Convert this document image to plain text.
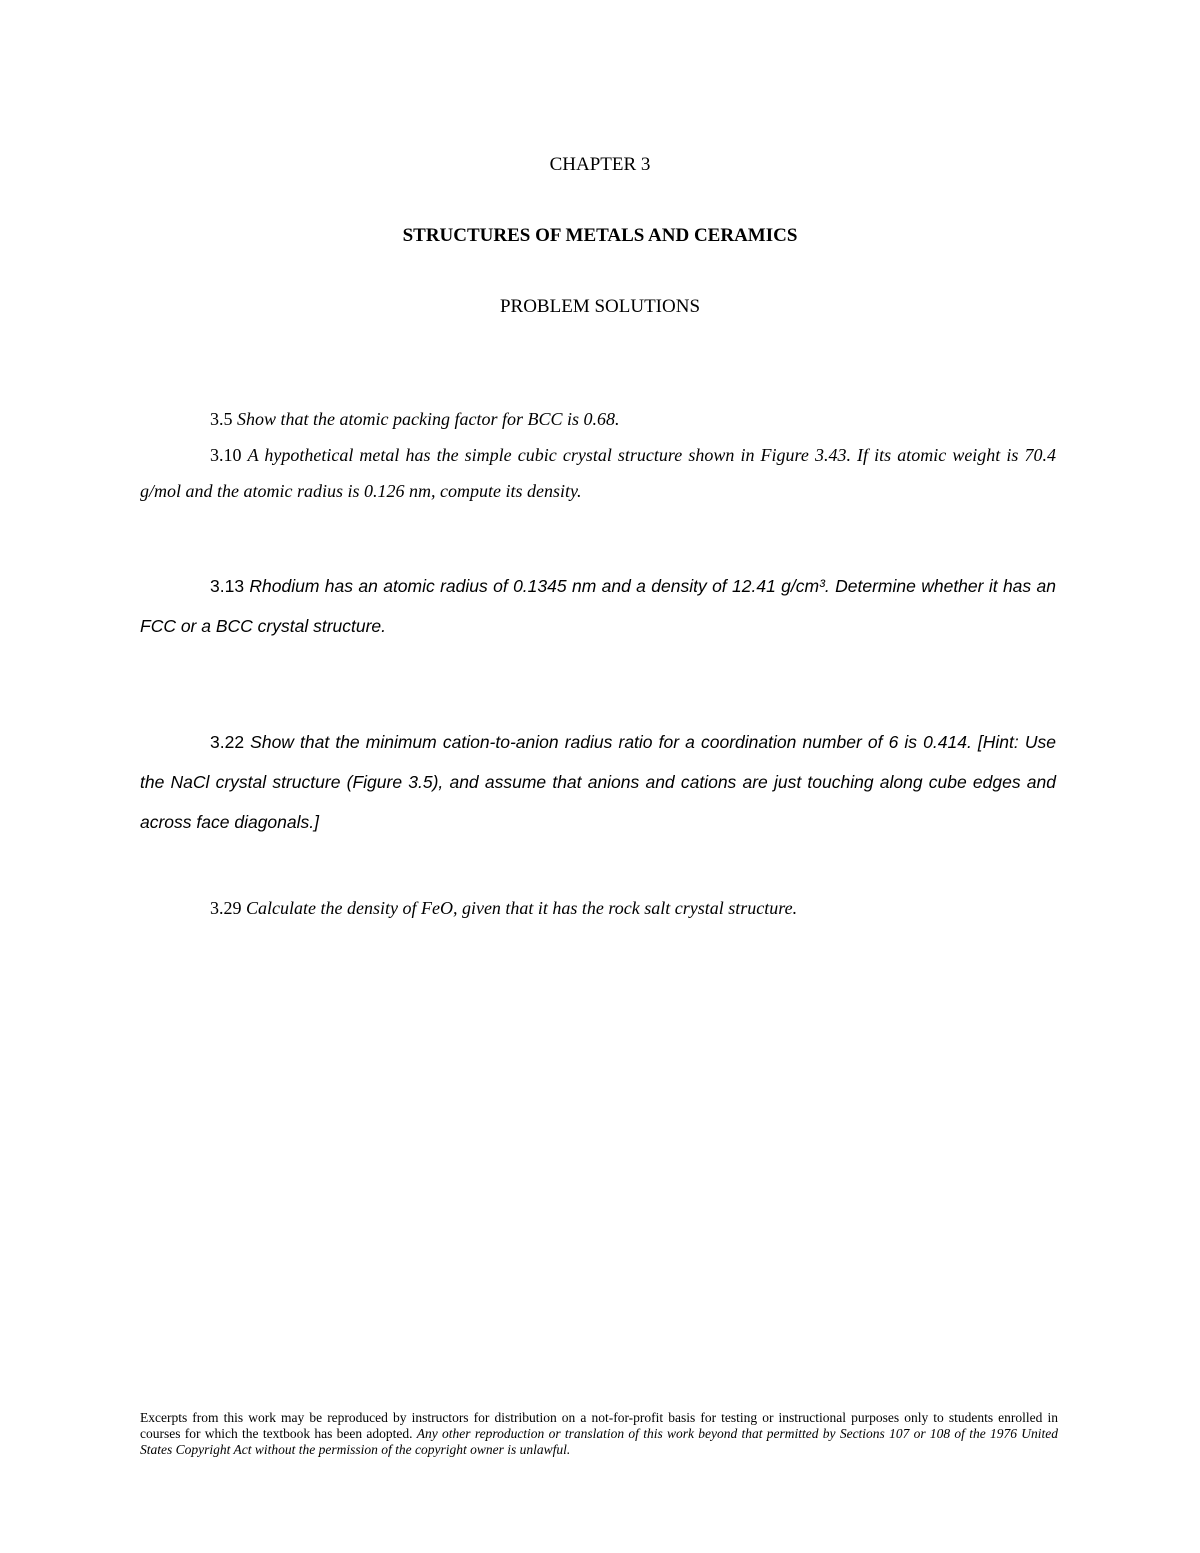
CHAPTER 3
STRUCTURES OF METALS AND CERAMICS
PROBLEM SOLUTIONS
3.5 Show that the atomic packing factor for BCC is 0.68.
3.10 A hypothetical metal has the simple cubic crystal structure shown in Figure 3.43. If its atomic weight is 70.4 g/mol and the atomic radius is 0.126 nm, compute its density.
3.13 Rhodium has an atomic radius of 0.1345 nm and a density of 12.41 g/cm³. Determine whether it has an FCC or a BCC crystal structure.
3.22 Show that the minimum cation-to-anion radius ratio for a coordination number of 6 is 0.414. [Hint: Use the NaCl crystal structure (Figure 3.5), and assume that anions and cations are just touching along cube edges and across face diagonals.]
3.29 Calculate the density of FeO, given that it has the rock salt crystal structure.
Excerpts from this work may be reproduced by instructors for distribution on a not-for-profit basis for testing or instructional purposes only to students enrolled in courses for which the textbook has been adopted. Any other reproduction or translation of this work beyond that permitted by Sections 107 or 108 of the 1976 United States Copyright Act without the permission of the copyright owner is unlawful.
